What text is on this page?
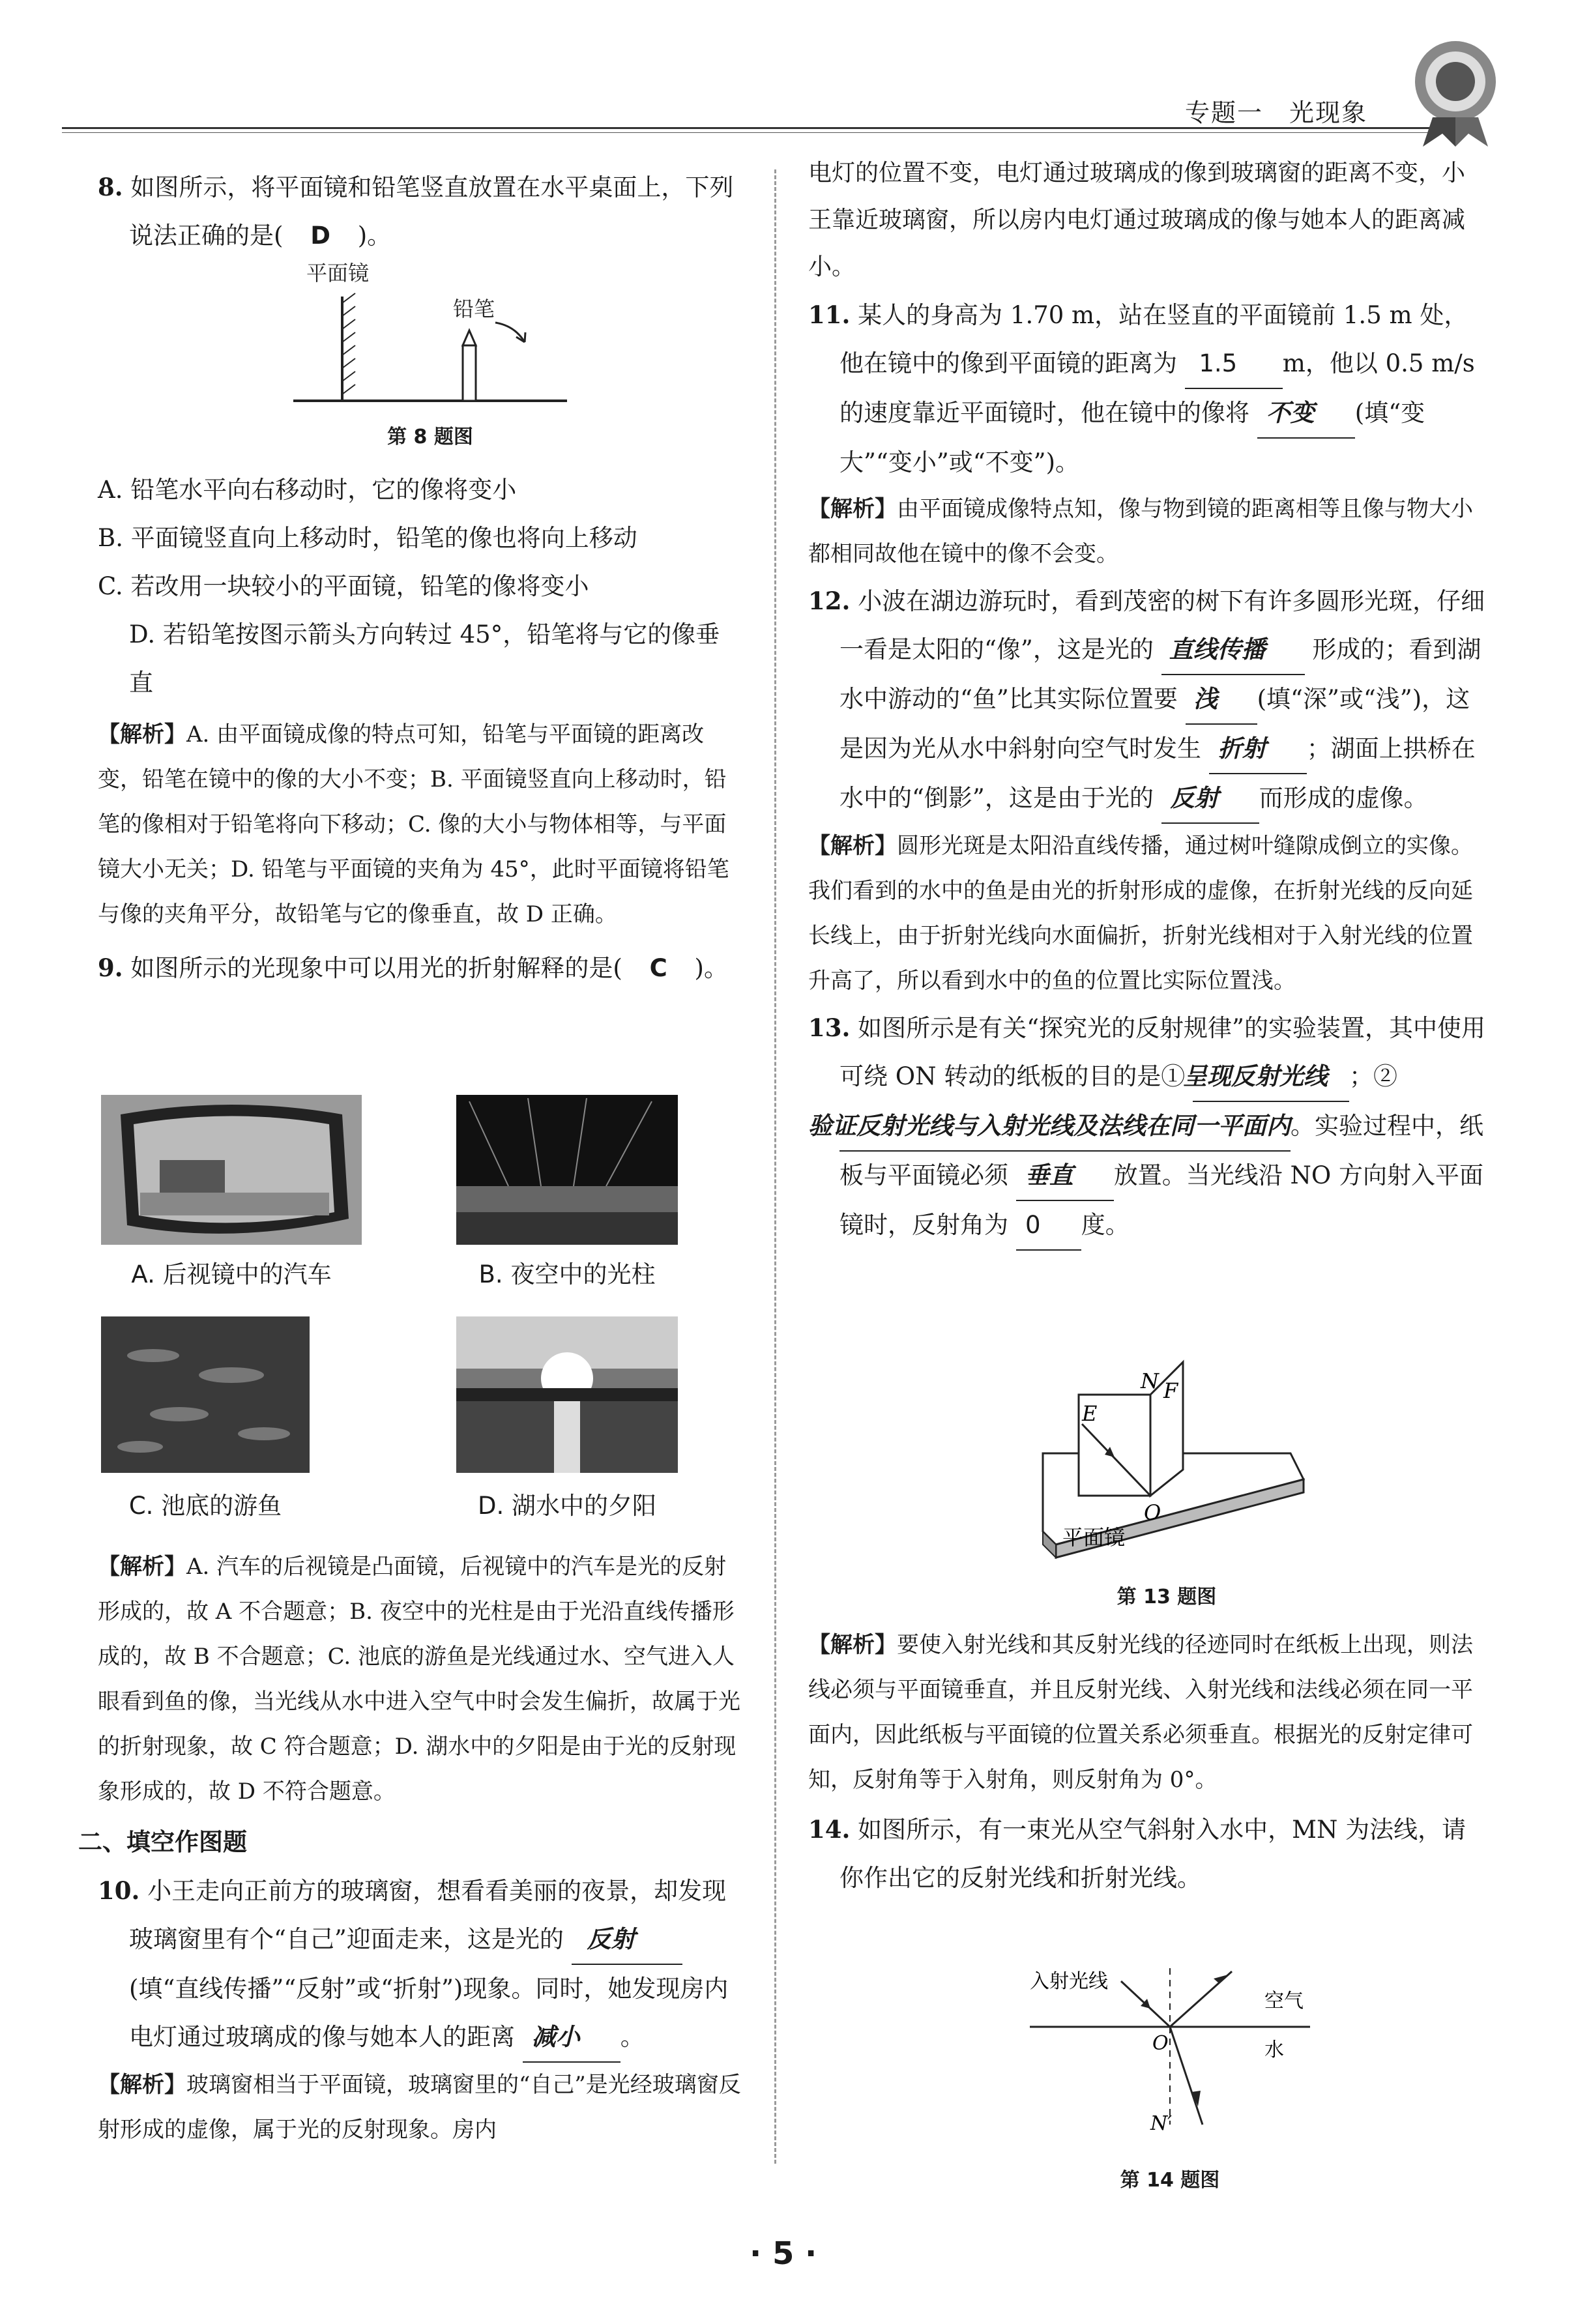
专题一　光现象

8. 如图所示，将平面镜和铅笔竖直放置在水平桌面上，下列说法正确的是( D )。

平面镜
铅笔
第 8 题图

A. 铅笔水平向右移动时，它的像将变小

B. 平面镜竖直向上移动时，铅笔的像也将向上移动

C. 若改用一块较小的平面镜，铅笔的像将变小

D. 若铅笔按图示箭头方向转过 45°，铅笔将与它的像垂直

【解析】A. 由平面镜成像的特点可知，铅笔与平面镜的距离改变，铅笔在镜中的像的大小不变；B. 平面镜竖直向上移动时，铅笔的像相对于铅笔将向下移动；C. 像的大小与物体相等，与平面镜大小无关；D. 铅笔与平面镜的夹角为 45°，此时平面镜将铅笔与像的夹角平分，故铅笔与它的像垂直，故 D 正确。

9. 如图所示的光现象中可以用光的折射解释的是( C )。

A. 后视镜中的汽车	B. 夜空中的光柱
C. 池底的游鱼	D. 湖水中的夕阳

【解析】A. 汽车的后视镜是凸面镜，后视镜中的汽车是光的反射形成的，故 A 不合题意；B. 夜空中的光柱是由于光沿直线传播形成的，故 B 不合题意；C. 池底的游鱼是光线通过水、空气进入人眼看到鱼的像，当光线从水中进入空气中时会发生偏折，故属于光的折射现象，故 C 符合题意；D. 湖水中的夕阳是由于光的反射现象形成的，故 D 不符合题意。

二、填空作图题

10. 小王走向正前方的玻璃窗，想看看美丽的夜景，却发现玻璃窗里有个“自己”迎面走来，这是光的 反射 (填“直线传播”“反射”或“折射”)现象。同时，她发现房内电灯通过玻璃成的像与她本人的距离 减小 。

【解析】玻璃窗相当于平面镜，玻璃窗里的“自己”是光经玻璃窗反射形成的虚像，属于光的反射现象。房内

电灯的位置不变，电灯通过玻璃成的像到玻璃窗的距离不变，小王靠近玻璃窗，所以房内电灯通过玻璃成的像与她本人的距离减小。

11. 某人的身高为 1.70 m，站在竖直的平面镜前 1.5 m 处，他在镜中的像到平面镜的距离为 1.5 m，他以 0.5 m/s 的速度靠近平面镜时，他在镜中的像将 不变 (填“变大”“变小”或“不变”)。

【解析】由平面镜成像特点知，像与物到镜的距离相等且像与物大小都相同故他在镜中的像不会变。

12. 小波在湖边游玩时，看到茂密的树下有许多圆形光斑，仔细一看是太阳的“像”，这是光的 直线传播 形成的；看到湖水中游动的“鱼”比其实际位置要 浅 (填“深”或“浅”)，这是因为光从水中斜射向空气时发生 折射 ；湖面上拱桥在水中的“倒影”，这是由于光的 反射 而形成的虚像。

【解析】圆形光斑是太阳沿直线传播，通过树叶缝隙成倒立的实像。我们看到的水中的鱼是由光的折射形成的虚像，在折射光线的反向延长线上，由于折射光线向水面偏折，折射光线相对于入射光线的位置升高了，所以看到水中的鱼的位置比实际位置浅。

13. 如图所示是有关“探究光的反射规律”的实验装置，其中使用可绕 ON 转动的纸板的目的是① 呈现反射光线 ；② 验证反射光线与入射光线及法线在同一平面内。实验过程中，纸板与平面镜必须 垂直 放置。当光线沿 NO 方向射入平面镜时，反射角为 0 度。

N F
E
O
平面镜
第 13 题图

【解析】要使入射光线和其反射光线的径迹同时在纸板上出现，则法线必须与平面镜垂直，并且反射光线、入射光线和法线必须在同一平面内，因此纸板与平面镜的位置关系必须垂直。根据光的反射定律可知，反射角等于入射角，则反射角为 0°。

14. 如图所示，有一束光从空气斜射入水中，MN 为法线，请你作出它的反射光线和折射光线。

入射光线
空气
水
O
N′
第 14 题图
· 5 ·
